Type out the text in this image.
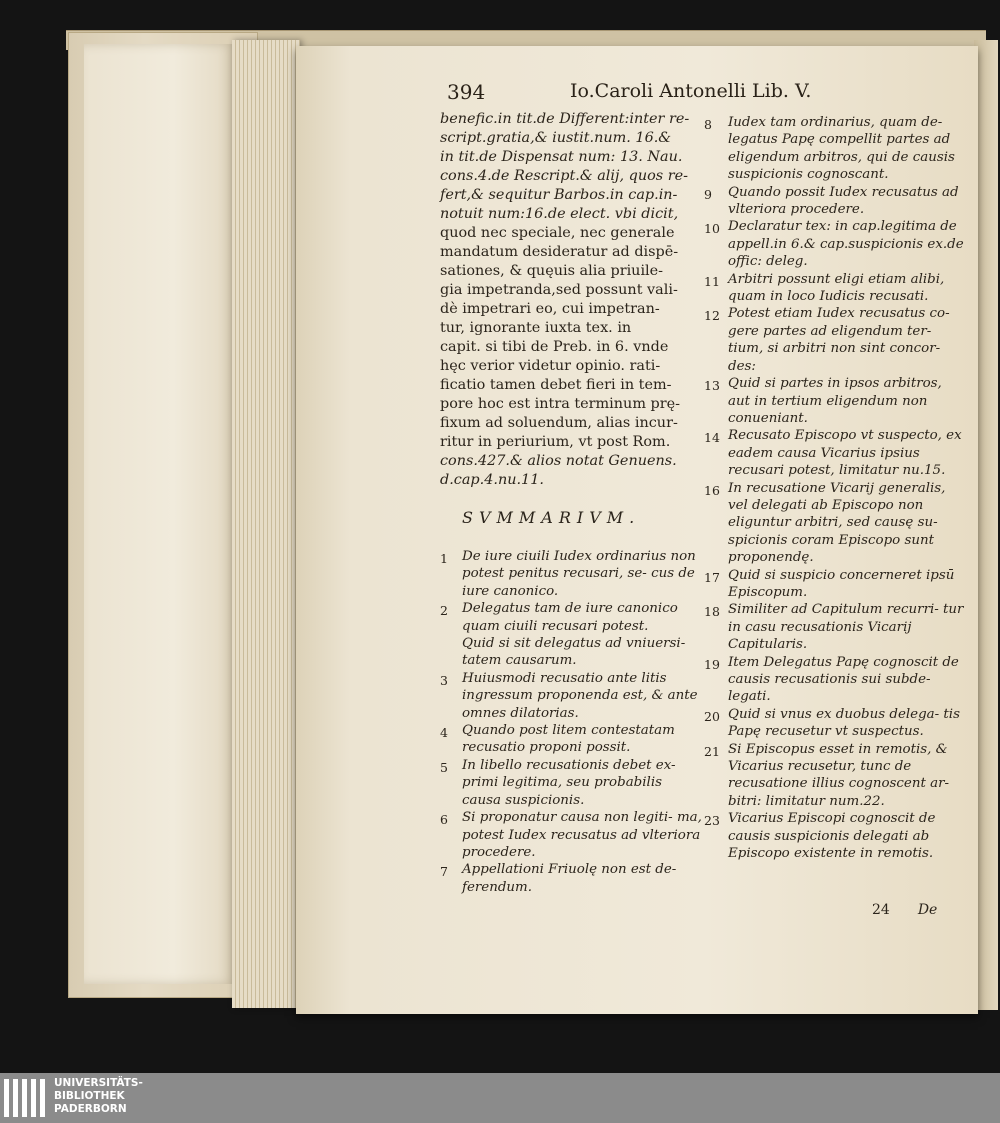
394	Io.Caroli Antonelli Lib. V.
benefic.in tit.de Different:inter re-
script.gratia,& iustit.num. 16.&
in tit.de Dispensat num: 13. Nau.
cons.4.de Rescript.& alij, quos re-
fert,& sequitur Barbos.in cap.in-
notuit num:16.de elect. vbi dicit,
quod nec speciale, nec generale
mandatum desideratur ad dispē-
sationes, & quęuis alia priuile-
gia impetranda,sed possunt vali-
dè impetrari eo, cui impetran-
tur, ignorante iuxta tex. in
capit. si tibi de Preb. in 6. vnde
hęc verior videtur opinio. rati-
ficatio tamen debet fieri in tem-
pore hoc est intra terminum prę-
fixum ad soluendum, alias incur-
ritur in periurium, vt post Rom.
cons.427.& alios notat Genuens.
d.cap.4.nu.11.
SVMMARIVM.
1	De iure ciuili Iudex ordinarius non potest penitus recusari, se- cus de iure canonico.
2	Delegatus tam de iure canonico quam ciuili recusari potest.
Quid si sit delegatus ad vniuersi- tatem causarum.
3	Huiusmodi recusatio ante litis ingressum proponenda est, & ante omnes dilatorias.
4	Quando post litem contestatam recusatio proponi possit.
5	In libello recusationis debet ex- primi legitima, seu probabilis causa suspicionis.
6	Si proponatur causa non legiti- ma, potest Iudex recusatus ad vlteriora procedere.
7	Appellationi Friuolę non est de- ferendum.
8	Iudex tam ordinarius, quam de- legatus Papę compellit partes ad eligendum arbitros, qui de causis suspicionis cognoscant.
9	Quando possit Iudex recusatus ad vlteriora procedere.
10 Declaratur tex: in cap.legitima de appell.in 6.& cap.suspicionis ex.de offic: deleg.
11 Arbitri possunt eligi etiam alibi, quam in loco Iudicis recusati.
12 Potest etiam Iudex recusatus co- gere partes ad eligendum ter- tium, si arbitri non sint concor- des:
13 Quid si partes in ipsos arbitros, aut in tertium eligendum non conueniant.
14 Recusato Episcopo vt suspecto, ex eadem causa Vicarius ipsius recusari potest, limitatur nu.15.
16 In recusatione Vicarij generalis, vel delegati ab Episcopo non eliguntur arbitri, sed causę su- spicionis coram Episcopo sunt proponendę.
17 Quid si suspicio concerneret ipsū Episcopum.
18 Similiter ad Capitulum recurri- tur in casu recusationis Vicarij Capitularis.
19 Item Delegatus Papę cognoscit de causis recusationis sui subde- legati.
20 Quid si vnus ex duobus delega- tis Papę recusetur vt suspectus.
21 Si Episcopus esset in remotis, & Vicarius recusetur, tunc de recusatione illius cognoscent ar- bitri: limitatur num.22.
23 Vicarius Episcopi cognoscit de causis suspicionis delegati ab Episcopo existente in remotis.
24 De
UNIVERSITÄTS-
BIBLIOTHEK
PADERBORN
